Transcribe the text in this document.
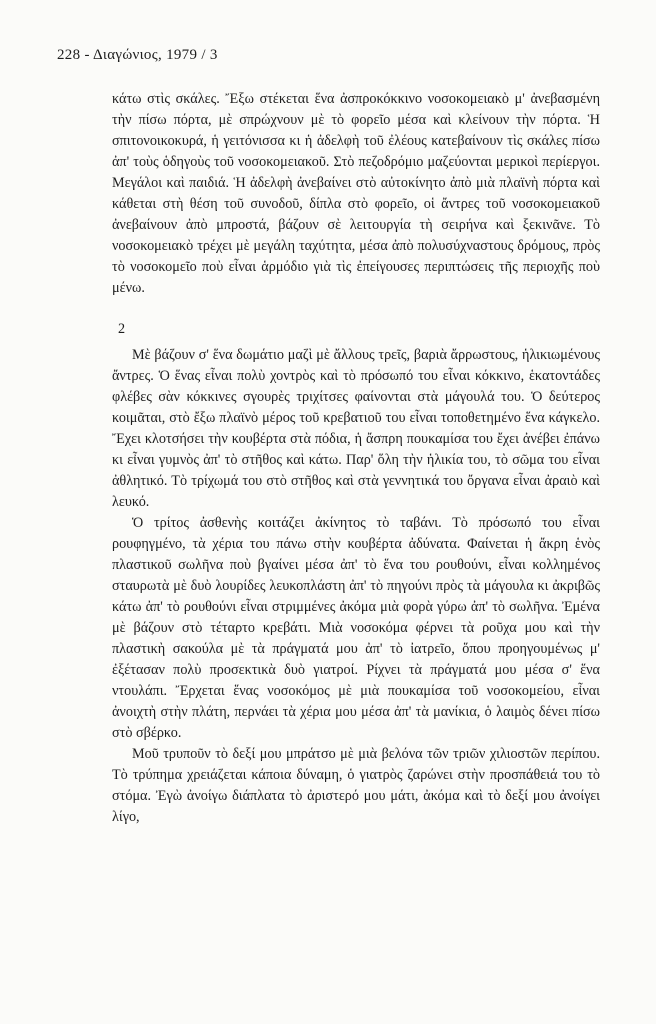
228 - Διαγώνιος, 1979 / 3

κάτω στὶς σκάλες. Ἔξω στέκεται ἕνα ἀσπροκόκκινο νοσοκομειακὸ μ' ἀνεβασμένη τὴν πίσω πόρτα, μὲ σπρώχνουν μὲ τὸ φορεῖο μέσα καὶ κλείνουν τὴν πόρτα. Ἡ σπιτονοικοκυρά, ἡ γειτόνισσα κι ἡ ἀδελφὴ τοῦ ἐλέους κατεβαίνουν τὶς σκάλες πίσω ἀπ' τοὺς ὁδηγοὺς τοῦ νοσοκομειακοῦ. Στὸ πεζοδρόμιο μαζεύονται μερικοὶ περίεργοι. Μεγάλοι καὶ παιδιά. Ἡ ἀδελφὴ ἀνεβαίνει στὸ αὐτοκίνητο ἀπὸ μιὰ πλαϊνὴ πόρτα καὶ κάθεται στὴ θέση τοῦ συνοδοῦ, δίπλα στὸ φορεῖο, οἱ ἄντρες τοῦ νοσοκομειακοῦ ἀνεβαίνουν ἀπὸ μπροστά, βάζουν σὲ λειτουργία τὴ σειρήνα καὶ ξεκινᾶνε. Τὸ νοσοκομειακὸ τρέχει μὲ μεγάλη ταχύτητα, μέσα ἀπὸ πολυσύχναστους δρόμους, πρὸς τὸ νοσοκομεῖο ποὺ εἶναι ἁρμόδιο γιὰ τὶς ἐπείγουσες περιπτώσεις τῆς περιοχῆς ποὺ μένω.

2

Μὲ βάζουν σ' ἕνα δωμάτιο μαζὶ μὲ ἄλλους τρεῖς, βαριὰ ἄρρωστους, ἡλικιωμένους ἄντρες. Ὁ ἕνας εἶναι πολὺ χοντρὸς καὶ τὸ πρόσωπό του εἶναι κόκκινο, ἑκατοντάδες φλέβες σὰν κόκκινες σγουρὲς τριχίτσες φαίνονται στὰ μάγουλά του. Ὁ δεύτερος κοιμᾶται, στὸ ἔξω πλαϊνὸ μέρος τοῦ κρεβατιοῦ του εἶναι τοποθετημένο ἕνα κάγκελο. Ἔχει κλοτσήσει τὴν κουβέρτα στὰ πόδια, ἡ ἄσπρη πουκαμίσα του ἔχει ἀνέβει ἐπάνω κι εἶναι γυμνὸς ἀπ' τὸ στῆθος καὶ κάτω. Παρ' ὅλη τὴν ἡλικία του, τὸ σῶμα του εἶναι ἀθλητικό. Τὸ τρίχωμά του στὸ στῆθος καὶ στὰ γεννητικά του ὄργανα εἶναι ἀραιὸ καὶ λευκό.

Ὁ τρίτος ἀσθενὴς κοιτάζει ἀκίνητος τὸ ταβάνι. Τὸ πρόσωπό του εἶναι ρουφηγμένο, τὰ χέρια του πάνω στὴν κουβέρτα ἀδύνατα. Φαίνεται ἡ ἄκρη ἑνὸς πλαστικοῦ σωλῆνα ποὺ βγαίνει μέσα ἀπ' τὸ ἕνα του ρουθούνι, εἶναι κολλημένος σταυρωτὰ μὲ δυὸ λουρίδες λευκοπλάστη ἀπ' τὸ πηγούνι πρὸς τὰ μάγουλα κι ἀκριβῶς κάτω ἀπ' τὸ ρουθούνι εἶναι στριμμένες ἀκόμα μιὰ φορὰ γύρω ἀπ' τὸ σωλῆνα. Ἐμένα μὲ βάζουν στὸ τέταρτο κρεβάτι. Μιὰ νοσοκόμα φέρνει τὰ ροῦχα μου καὶ τὴν πλαστικὴ σακούλα μὲ τὰ πράγματά μου ἀπ' τὸ ἰατρεῖο, ὅπου προηγουμένως μ' ἐξέτασαν πολὺ προσεκτικὰ δυὸ γιατροί. Ρίχνει τὰ πράγματά μου μέσα σ' ἕνα ντουλάπι. Ἔρχεται ἕνας νοσοκόμος μὲ μιὰ πουκαμίσα τοῦ νοσοκομείου, εἶναι ἀνοιχτὴ στὴν πλάτη, περνάει τὰ χέρια μου μέσα ἀπ' τὰ μανίκια, ὁ λαιμὸς δένει πίσω στὸ σβέρκο.

Μοῦ τρυποῦν τὸ δεξί μου μπράτσο μὲ μιὰ βελόνα τῶν τριῶν χιλιοστῶν περίπου. Τὸ τρύπημα χρειάζεται κάποια δύναμη, ὁ γιατρὸς ζαρώνει στὴν προσπάθειά του τὸ στόμα. Ἐγὼ ἀνοίγω διάπλατα τὸ ἀριστερό μου μάτι, ἀκόμα καὶ τὸ δεξί μου ἀνοίγει λίγο,
